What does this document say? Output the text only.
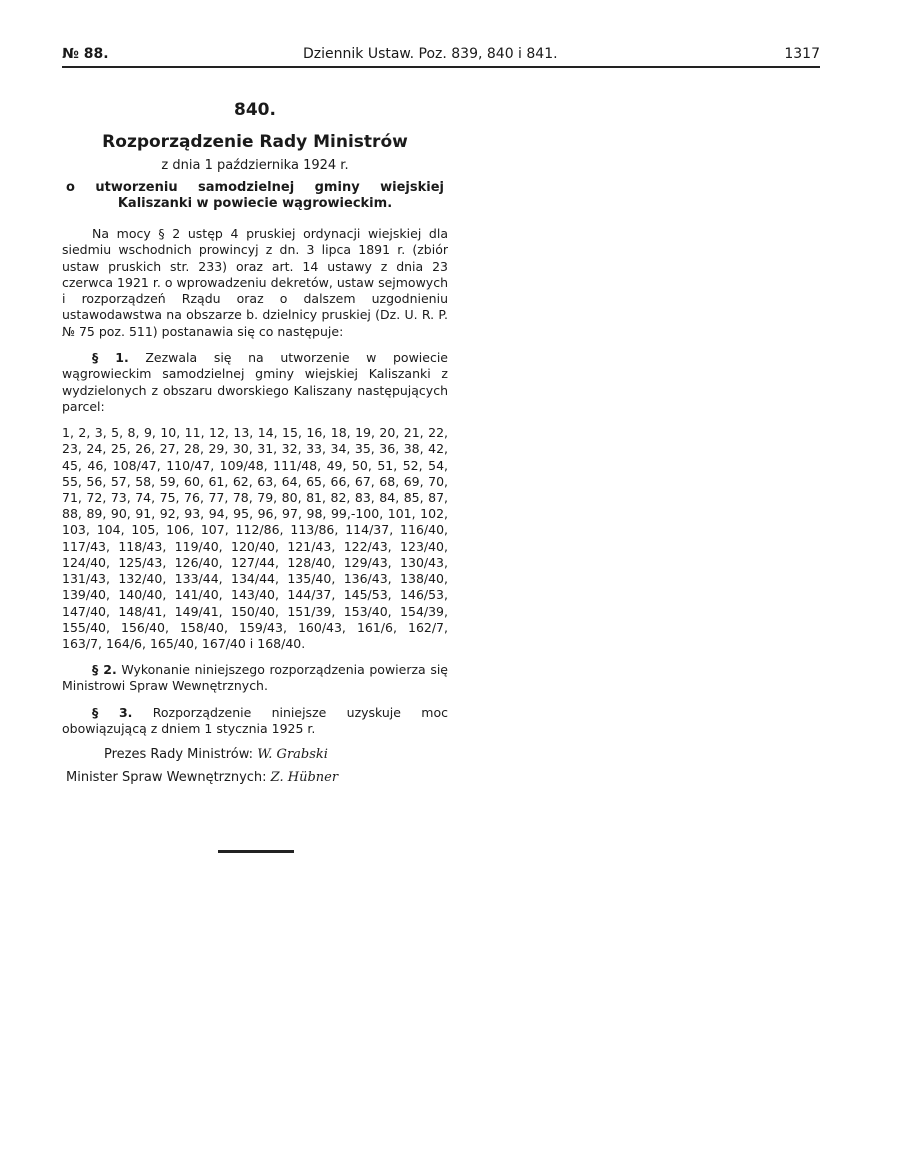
№ 88.	Dziennik Ustaw. Poz. 839, 840 i 841.	1317
840.
Rozporządzenie Rady Ministrów
z dnia 1 października 1924 r.
o utworzeniu samodzielnej gminy wiejskiej Kaliszanki w powiecie wągrowieckim.

Na mocy § 2 ustęp 4 pruskiej ordynacji wiejskiej dla siedmiu wschodnich prowincyj z dn. 3 lipca 1891 r. (zbiór ustaw pruskich str. 233) oraz art. 14 ustawy z dnia 23 czerwca 1921 r. o wprowadzeniu dekretów, ustaw sejmowych i rozporządzeń Rządu oraz o dalszem uzgodnieniu ustawodawstwa na obszarze b. dzielnicy pruskiej (Dz. U. R. P. № 75 poz. 511) postanawia się co następuje:

§ 1. Zezwala się na utworzenie w powiecie wągrowieckim samodzielnej gminy wiejskiej Kaliszanki z wydzielonych z obszaru dworskiego Kaliszany następujących parcel:

1, 2, 3, 5, 8, 9, 10, 11, 12, 13, 14, 15, 16, 18, 19, 20, 21, 22, 23, 24, 25, 26, 27, 28, 29, 30, 31, 32, 33, 34, 35, 36, 38, 42, 45, 46, 108/47, 110/47, 109/48, 111/48, 49, 50, 51, 52, 54, 55, 56, 57, 58, 59, 60, 61, 62, 63, 64, 65, 66, 67, 68, 69, 70, 71, 72, 73, 74, 75, 76, 77, 78, 79, 80, 81, 82, 83, 84, 85, 87, 88, 89, 90, 91, 92, 93, 94, 95, 96, 97, 98, 99,-100, 101, 102, 103, 104, 105, 106, 107, 112/86, 113/86, 114/37, 116/40, 117/43, 118/43, 119/40, 120/40, 121/43, 122/43, 123/40, 124/40, 125/43, 126/40, 127/44, 128/40, 129/43, 130/43, 131/43, 132/40, 133/44, 134/44, 135/40, 136/43, 138/40, 139/40, 140/40, 141/40, 143/40, 144/37, 145/53, 146/53, 147/40, 148/41, 149/41, 150/40, 151/39, 153/40, 154/39, 155/40, 156/40, 158/40, 159/43, 160/43, 161/6, 162/7, 163/7, 164/6, 165/40, 167/40 i 168/40.

§ 2. Wykonanie niniejszego rozporządzenia powierza się Ministrowi Spraw Wewnętrznych.

§ 3. Rozporządzenie niniejsze uzyskuje moc obowiązującą z dniem 1 stycznia 1925 r.

Prezes Rady Ministrów: W. Grabski
Minister Spraw Wewnętrznych: Z. Hübner
